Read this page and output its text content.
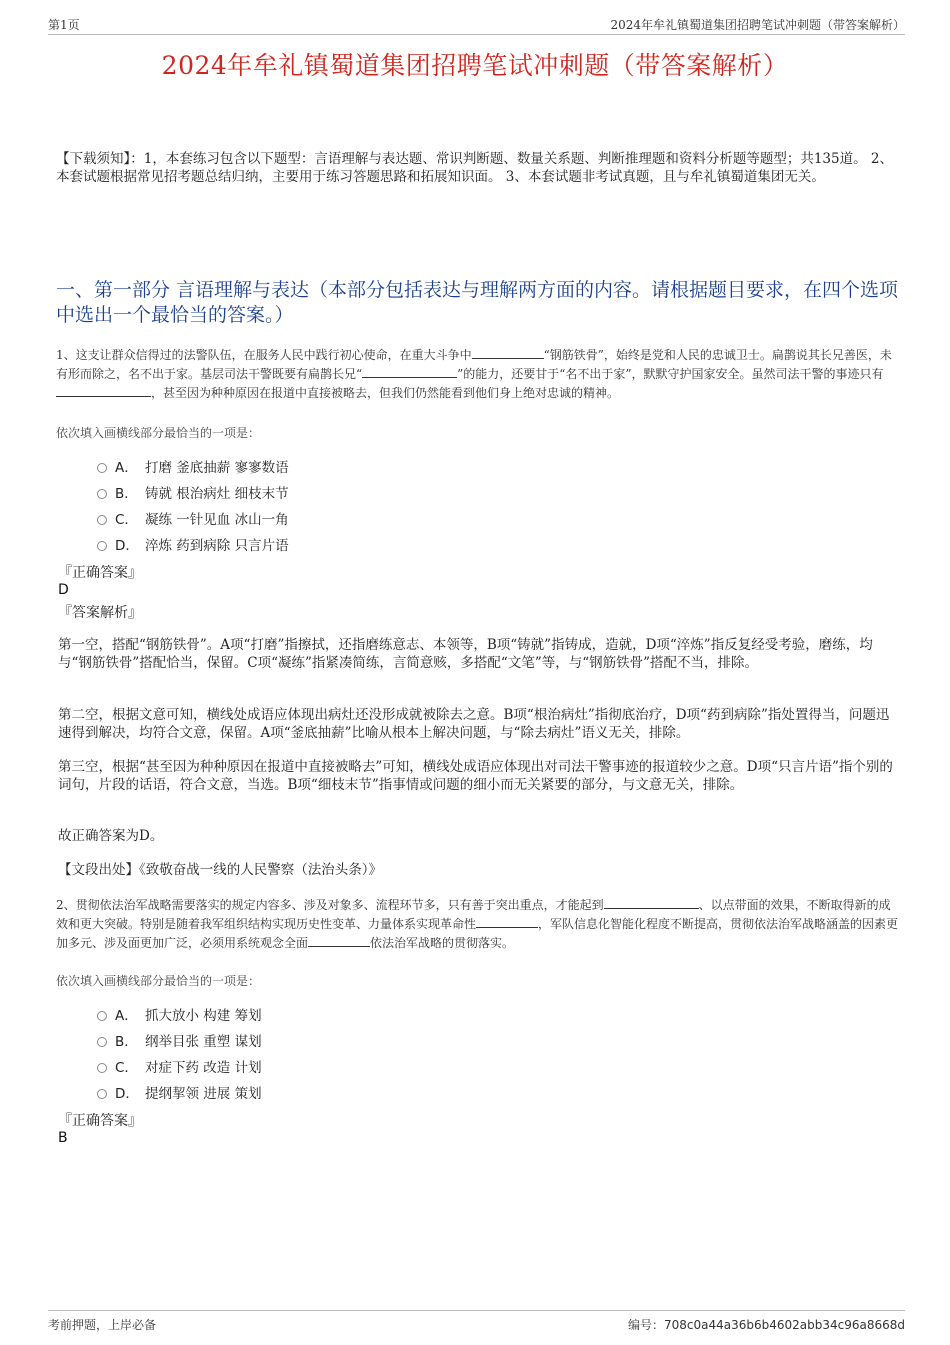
第1页	2024年牟礼镇蜀道集团招聘笔试冲刺题（带答案解析）
2024年牟礼镇蜀道集团招聘笔试冲刺题（带答案解析）
【下载须知】：1，本套练习包含以下题型：言语理解与表达题、常识判断题、数量关系题、判断推理题和资料分析题等题型；共135道。 2、本套试题根据常见招考题总结归纳，主要用于练习答题思路和拓展知识面。 3、本套试题非考试真题，且与牟礼镇蜀道集团无关。
一、第一部分 言语理解与表达（本部分包括表达与理解两方面的内容。请根据题目要求，在四个选项中选出一个最恰当的答案。）
1、这支让群众信得过的法警队伍，在服务人民中践行初心使命，在重大斗争中	“钢筋铁骨”，始终是党和人民的忠诚卫士。扁鹊说其长兄善医，未有形而除之，名不出于家。基层司法干警既要有扁鹊长兄“	”的能力，还要甘于“名不出于家”，默默守护国家安全。虽然司法干警的事迹只有，甚至因为种种原因在报道中直接被略去，但我们仍然能看到他们身上绝对忠诚的精神。
依次填入画横线部分最恰当的一项是：
A． 打磨 釜底抽薪 寥寥数语
B． 铸就 根治病灶 细枝末节
C． 凝练 一针见血 冰山一角
D． 淬炼 药到病除 只言片语
『正确答案』
D
『答案解析』
第一空，搭配“钢筋铁骨”。A项“打磨”指擦拭，还指磨练意志、本领等，B项“铸就”指铸成，造就，D项“淬炼”指反复经受考验，磨练，均与“钢筋铁骨”搭配恰当，保留。C项“凝练”指紧凑简练，言简意赅，多搭配“文笔”等，与“钢筋铁骨”搭配不当，排除。
第二空，根据文意可知，横线处成语应体现出病灶还没形成就被除去之意。B项“根治病灶”指彻底治疗，D项“药到病除”指处置得当，问题迅速得到解决，均符合文意，保留。A项“釜底抽薪”比喻从根本上解决问题，与“除去病灶”语义无关，排除。
第三空，根据“甚至因为种种原因在报道中直接被略去”可知，横线处成语应体现出对司法干警事迹的报道较少之意。D项“只言片语”指个别的词句，片段的话语，符合文意，当选。B项“细枝末节”指事情或问题的细小而无关紧要的部分，与文意无关，排除。
故正确答案为D。
【文段出处】《致敬奋战一线的人民警察（法治头条）》
2、贯彻依法治军战略需要落实的规定内容多、涉及对象多、流程环节多，只有善于突出重点，才能起到	、以点带面的效果，不断取得新的成效和更大突破。特别是随着我军组织结构实现历史性变革、力量体系实现革命性	，军队信息化智能化程度不断提高，贯彻依法治军战略涵盖的因素更加多元、涉及面更加广泛，必须用系统观念全面	依法治军战略的贯彻落实。
依次填入画横线部分最恰当的一项是：
A． 抓大放小 构建 筹划
B． 纲举目张 重塑 谋划
C． 对症下药 改造 计划
D． 提纲挈领 进展 策划
『正确答案』
B
考前押题，上岸必备	编号：708c0a44a36b6b4602abb34c96a8668d
